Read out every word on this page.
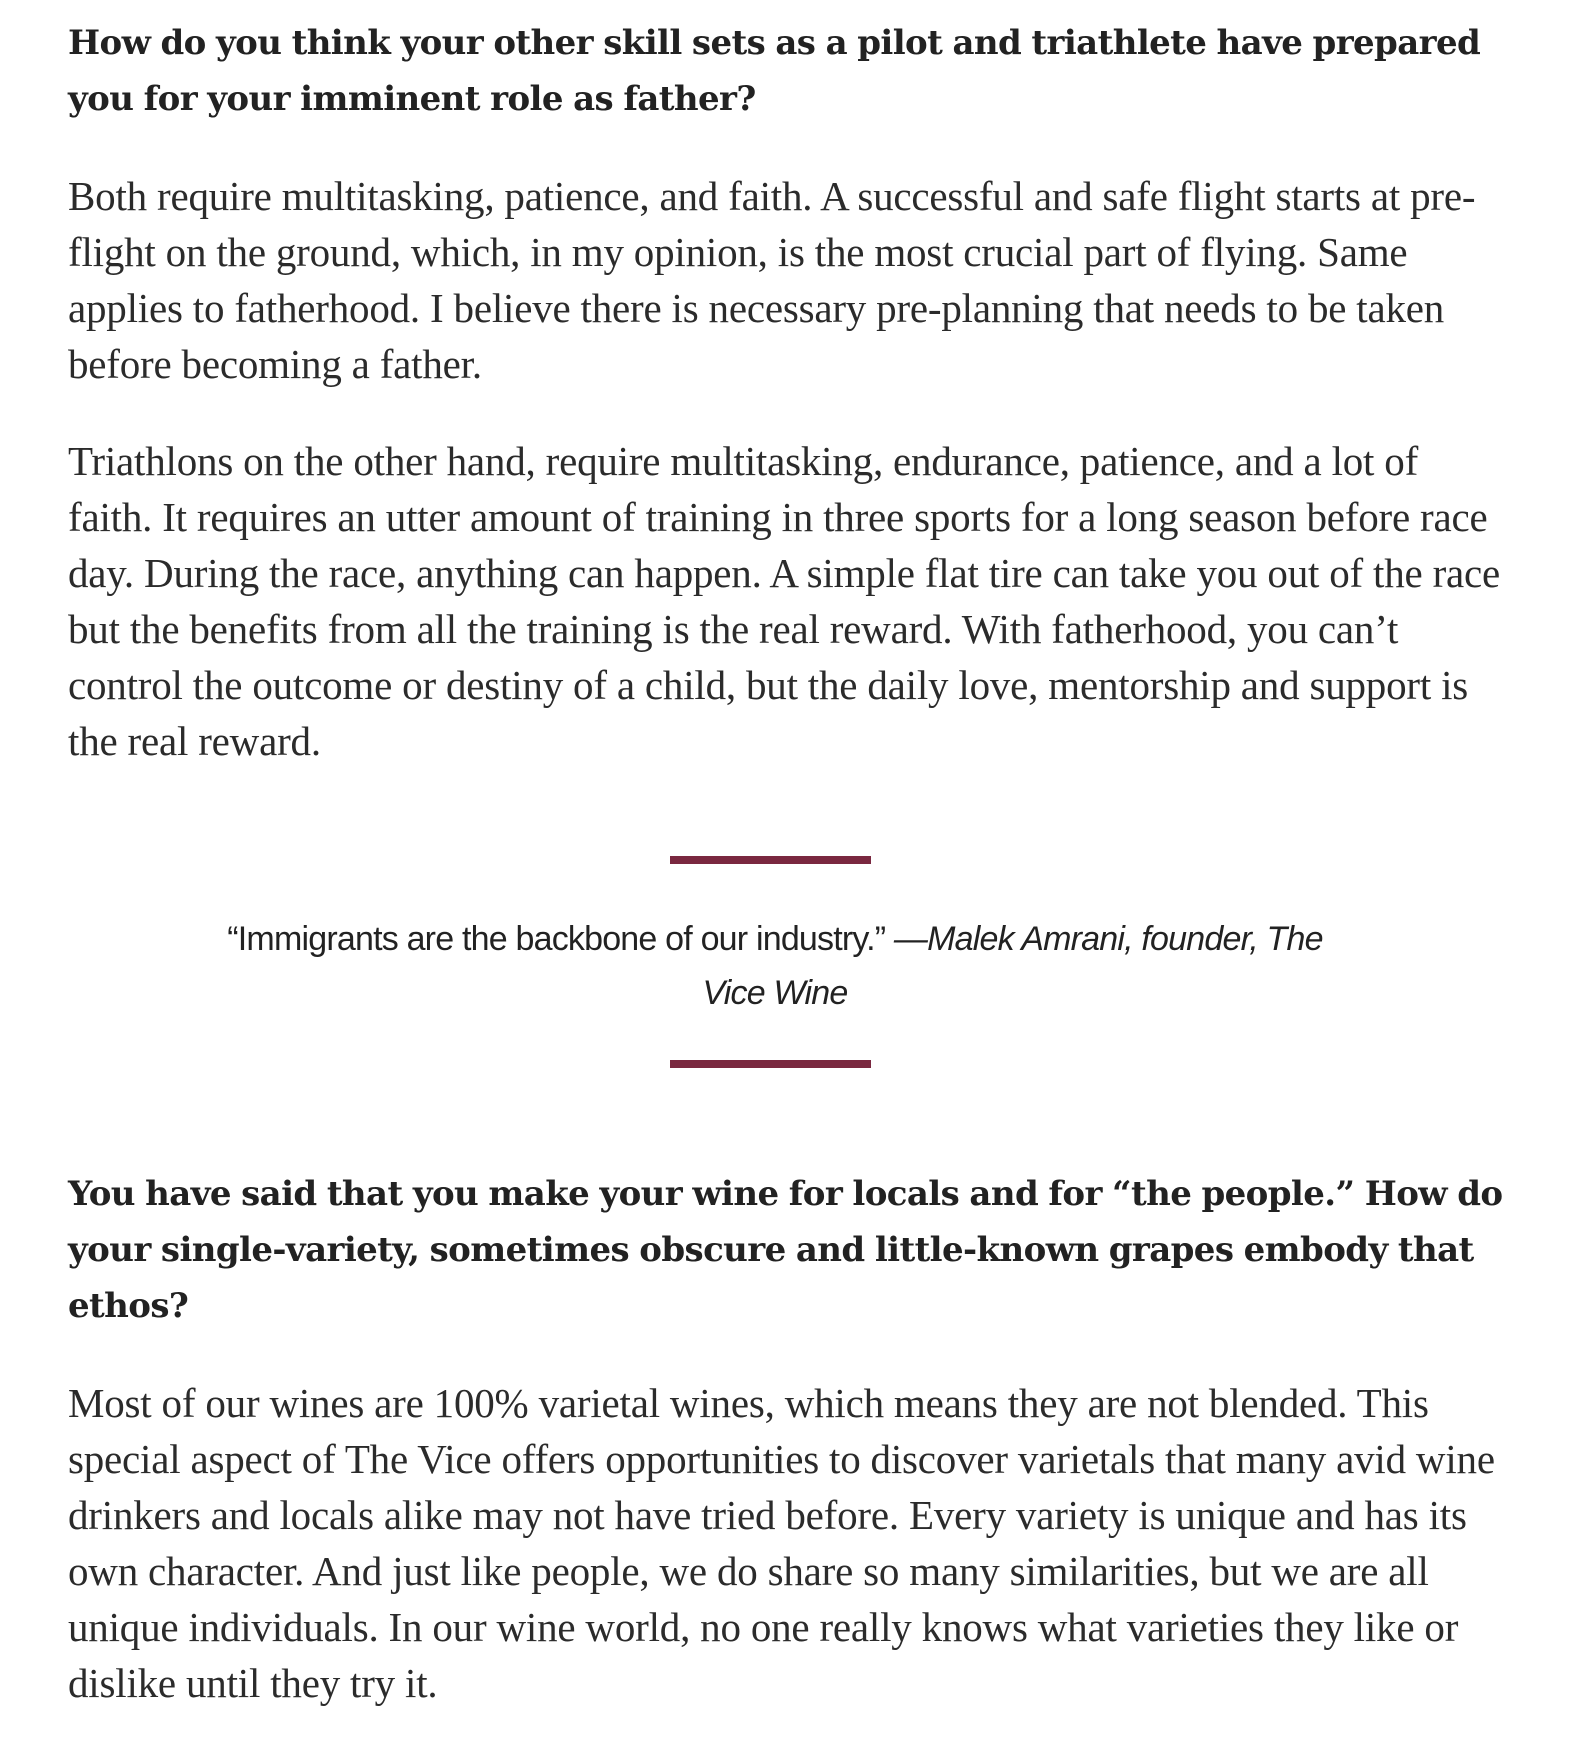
How do you think your other skill sets as a pilot and triathlete have prepared you for your imminent role as father?

Both require multitasking, patience, and faith. A successful and safe flight starts at pre-flight on the ground, which, in my opinion, is the most crucial part of flying. Same applies to fatherhood. I believe there is necessary pre-planning that needs to be taken before becoming a father.

Triathlons on the other hand, require multitasking, endurance, patience, and a lot of faith. It requires an utter amount of training in three sports for a long season before race day. During the race, anything can happen. A simple flat tire can take you out of the race but the benefits from all the training is the real reward. With fatherhood, you can’t control the outcome or destiny of a child, but the daily love, mentorship and support is the real reward.

You have said that you make your wine for locals and for “the people.” How do your single-variety, sometimes obscure and little-known grapes embody that ethos?

Most of our wines are 100% varietal wines, which means they are not blended. This special aspect of The Vice offers opportunities to discover varietals that many avid wine drinkers and locals alike may not have tried before. Every variety is unique and has its own character. And just like people, we do share so many similarities, but we are all unique individuals. In our wine world, no one really knows what varieties they like or dislike until they try it.

“Immigrants are the backbone of our industry.” —Malek Amrani, founder, The Vice Wine
